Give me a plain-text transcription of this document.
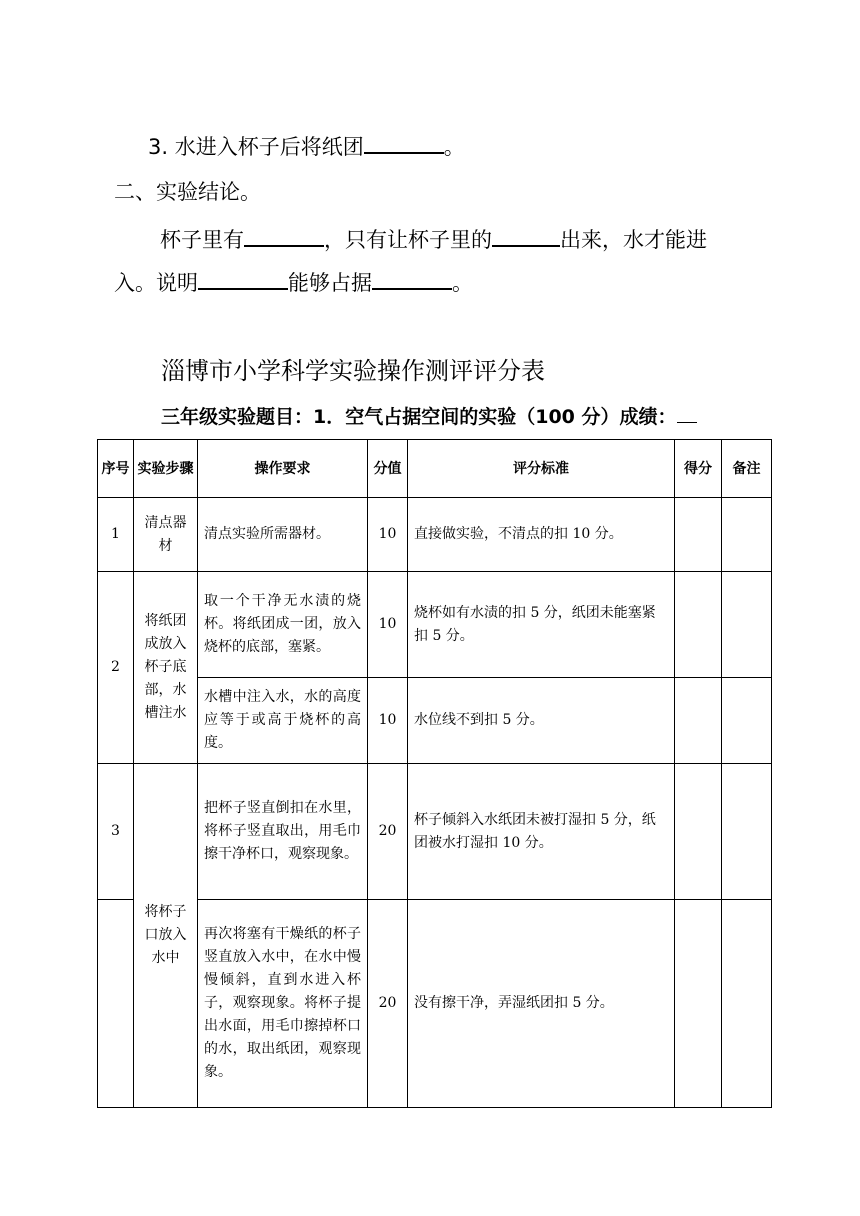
3. 水进入杯子后将纸团	。
二、实验结论。
杯子里有	，只有让杯子里的	出来，水才能进
入。说明	能够占据	。
淄博市小学科学实验操作测评评分表
三年级实验题目：1．空气占据空间的实验（100 分）成绩：
序号	实验步骤	操作要求	分值	评分标准	得分	备注
1	清点器材	清点实验所需器材。	10	直接做实验，不清点的扣 10 分。		
2	将纸团成放入杯子底部，水槽注水	取一个干净无水渍的烧杯。将纸团成一团，放入烧杯的底部，塞紧。	10	烧杯如有水渍的扣 5 分，纸团未能塞紧扣 5 分。		
		水槽中注入水，水的高度应等于或高于烧杯的高度。	10	水位线不到扣 5 分。		
3	将杯子口放入水中	把杯子竖直倒扣在水里，将杯子竖直取出，用毛巾擦干净杯口，观察现象。	20	杯子倾斜入水纸团未被打湿扣 5 分，纸团被水打湿扣 10 分。		
		再次将塞有干燥纸的杯子竖直放入水中，在水中慢慢倾斜，直到水进入杯子，观察现象。将杯子提出水面，用毛巾擦掉杯口的水，取出纸团，观察现象。	20	没有擦干净，弄湿纸团扣 5 分。		
